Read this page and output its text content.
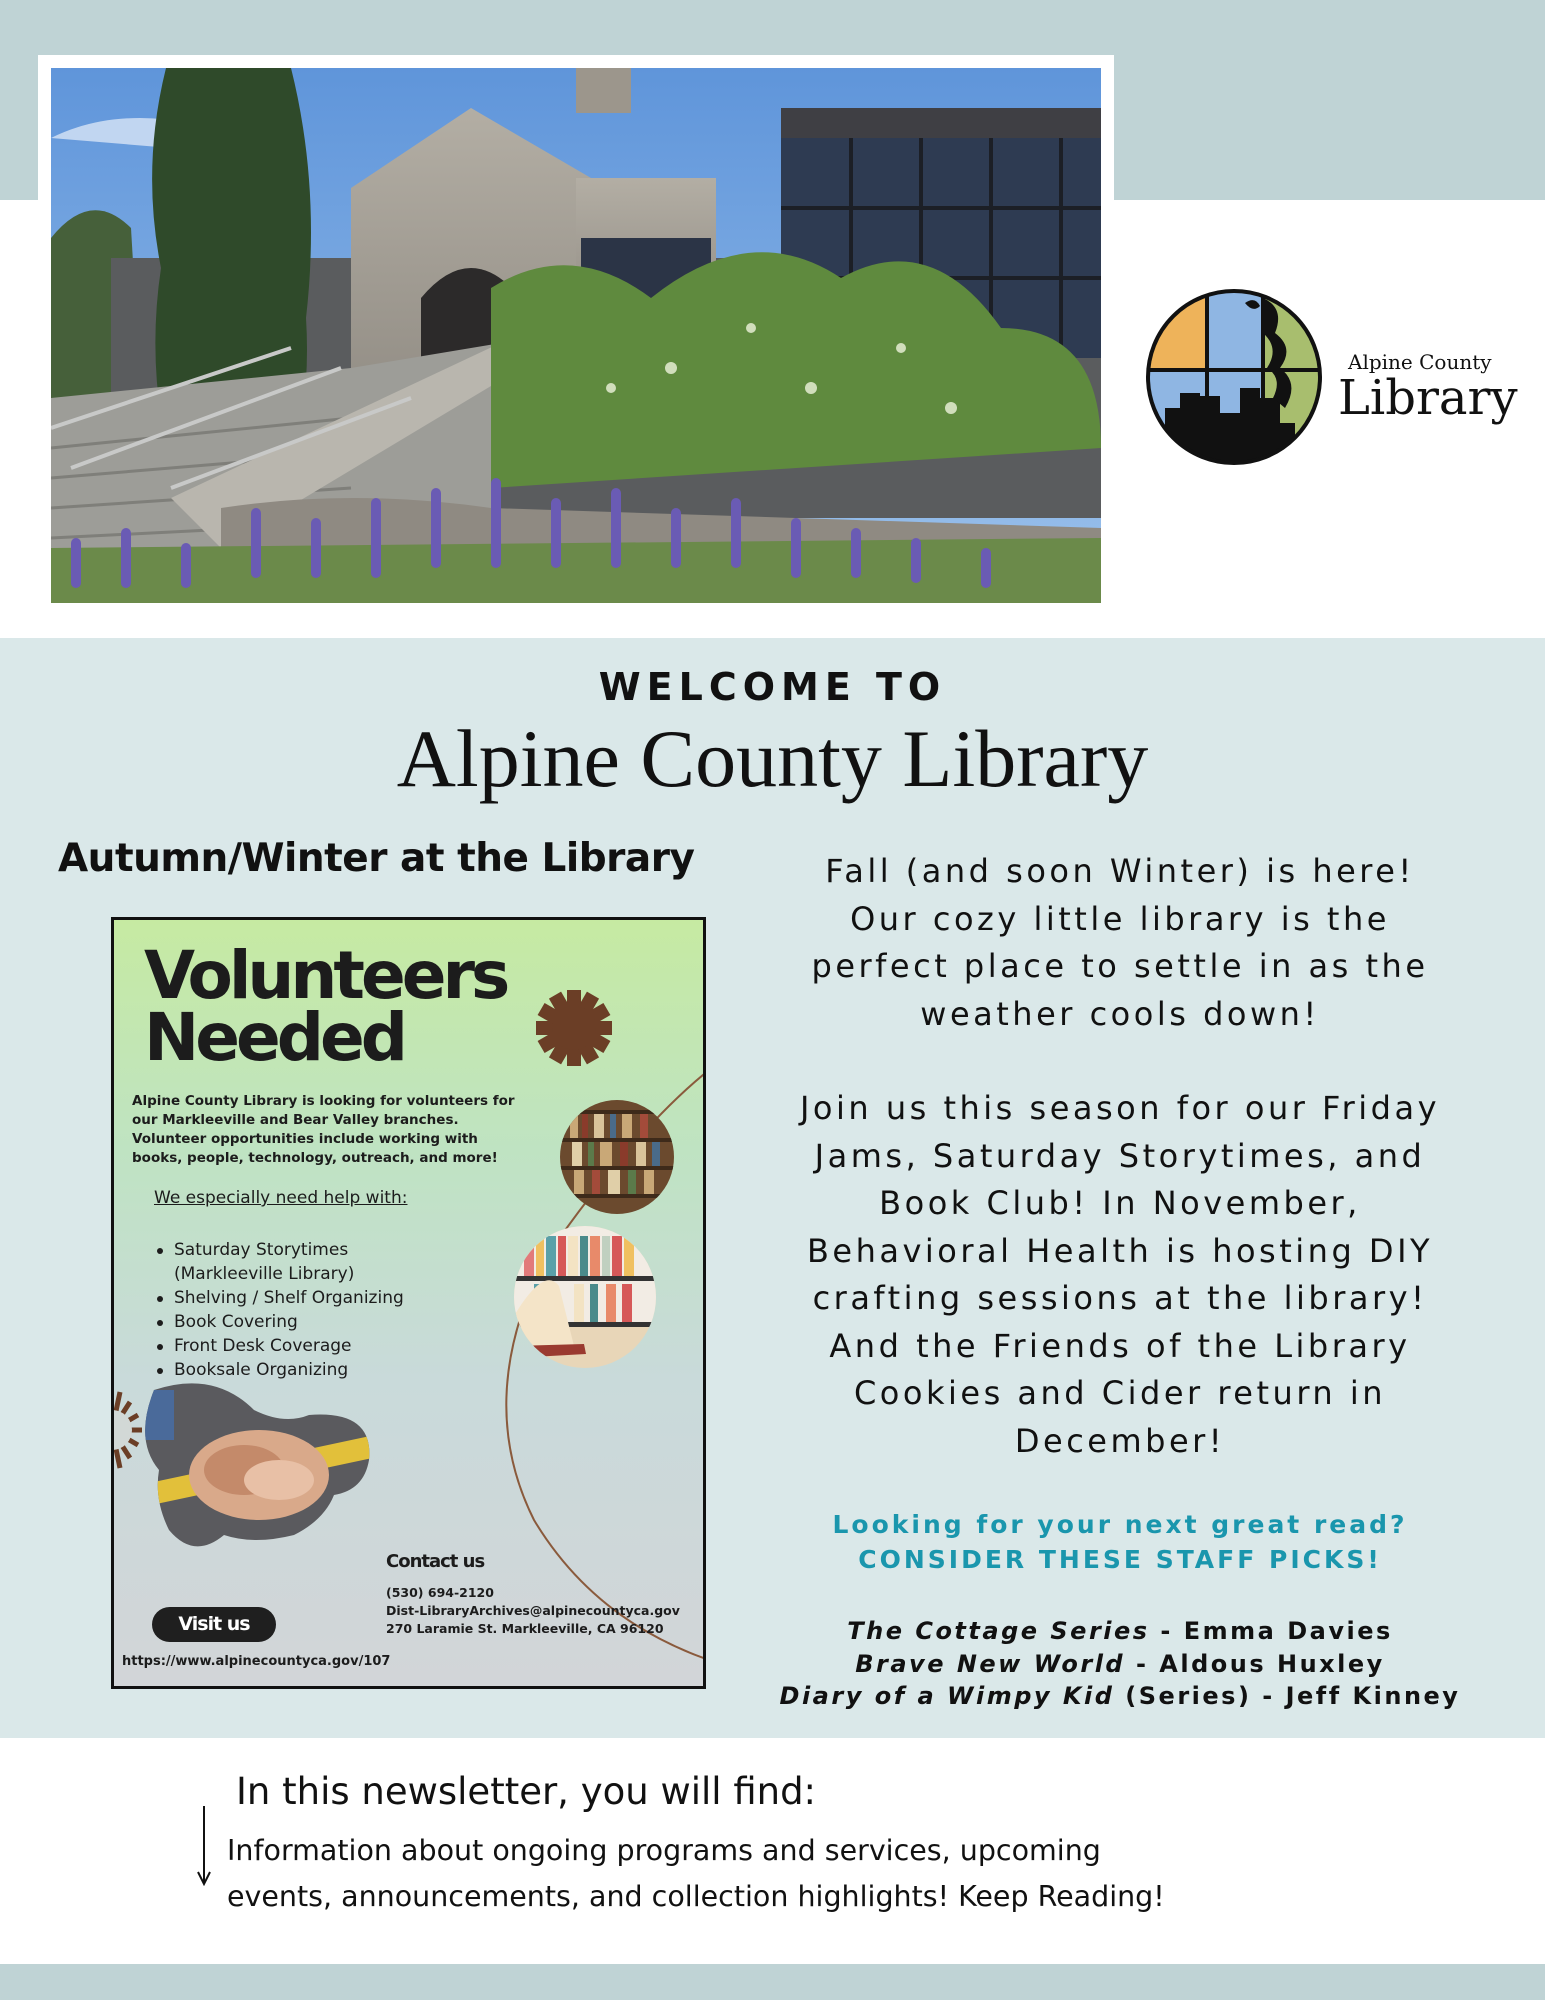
Alpine County
Library
WELCOME TO
Alpine County Library
Autumn/Winter at the Library
Volunteers
Needed
Alpine County Library is looking for volunteers for our Markleeville and Bear Valley branches. Volunteer opportunities include working with books, people, technology, outreach, and more!
We especially need help with:
Saturday Storytimes
(Markleeville Library)
Shelving / Shelf Organizing
Book Covering
Front Desk Coverage
Booksale Organizing
Contact us
(530) 694-2120
Dist-LibraryArchives@alpinecountyca.gov
270 Laramie St. Markleeville, CA 96120
Visit us
https://www.alpinecountyca.gov/107
Fall (and soon Winter) is here!
Our cozy little library is the
perfect place to settle in as the
weather cools down!
Join us this season for our Friday
Jams, Saturday Storytimes, and
Book Club! In November,
Behavioral Health is hosting DIY
crafting sessions at the library!
And the Friends of the Library
Cookies and Cider return in
December!
Looking for your next great read?
CONSIDER THESE STAFF PICKS!
The Cottage Series - Emma Davies
Brave New World - Aldous Huxley
Diary of a Wimpy Kid (Series) - Jeff Kinney
In this newsletter, you will find:
Information about ongoing programs and services, upcoming
events, announcements, and collection highlights! Keep Reading!
